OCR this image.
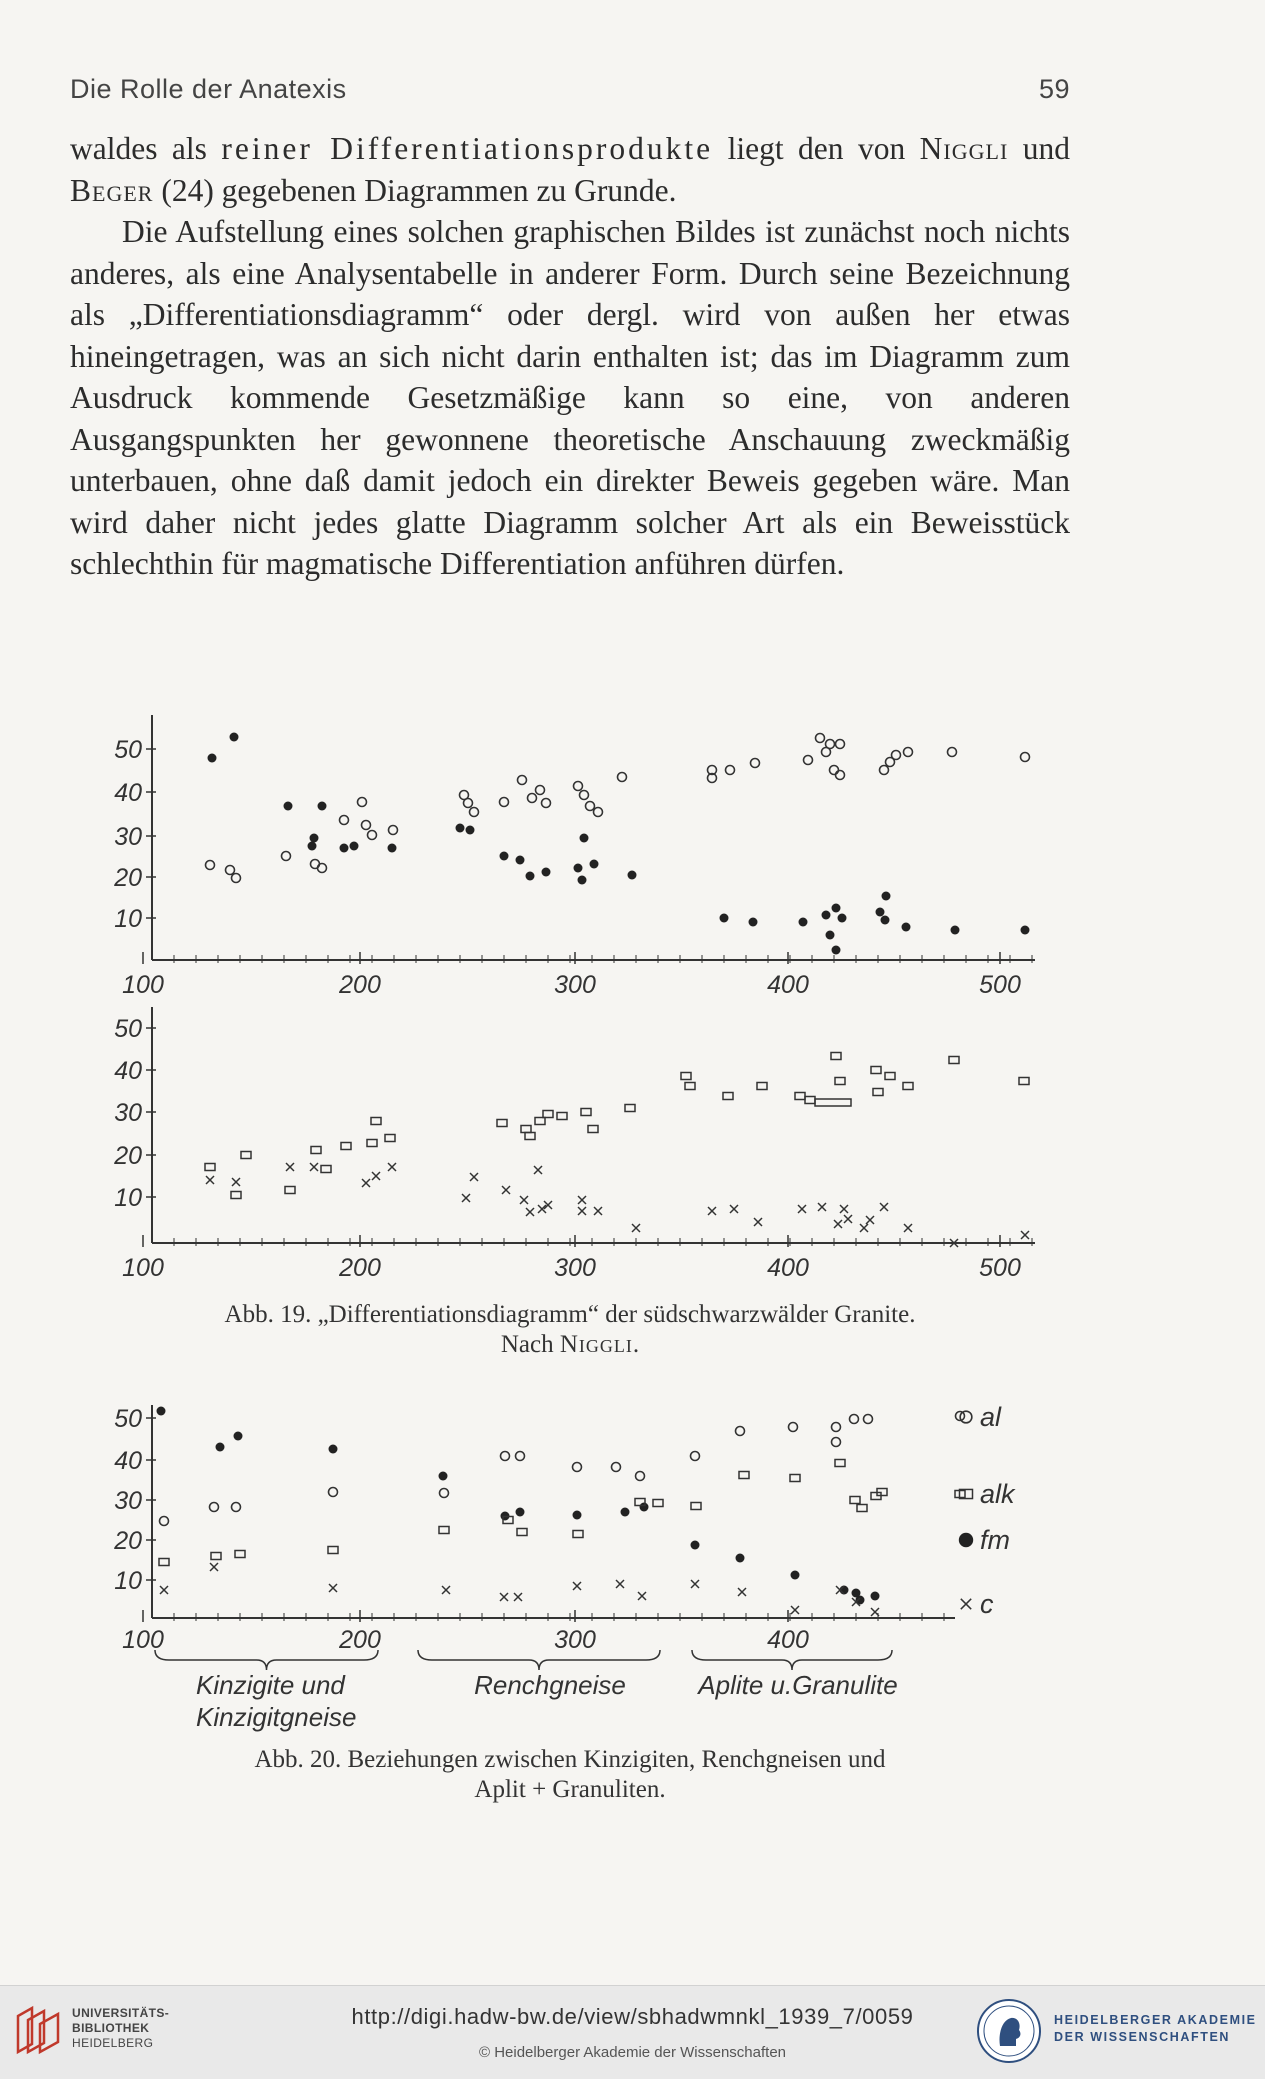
Die Rolle der Anatexis	59

waldes als reiner Differentiationsprodukte liegt den von Niggli und Beger (24) gegebenen Diagrammen zu Grunde.

Die Aufstellung eines solchen graphischen Bildes ist zunächst noch nichts anderes, als eine Analysentabelle in anderer Form. Durch seine Bezeichnung als „Differentiationsdiagramm“ oder dergl. wird von außen her etwas hineingetragen, was an sich nicht darin enthalten ist; das im Diagramm zum Ausdruck kommende Gesetzmäßige kann so eine, von anderen Ausgangspunkten her gewonnene theoretische Anschauung zweckmäßig unterbauen, ohne daß damit jedoch ein direkter Beweis gegeben wäre. Man wird daher nicht jedes glatte Diagramm solcher Art als ein Beweisstück schlechthin für magmatische Differentiation anführen dürfen.

50
40
30
20
10
100	200	300	400	500
50
40
30
20
10
100	200	300	400	500
50
40
30
20
10
100	200	300	400
al
alk
fm
c
Kinzigite und
Kinzigitgneise
Renchgneise	Aplite u.Granulite
Abb. 19. „Differentiationsdiagramm“ der südschwarzwälder Granite.
Nach Niggli.
Abb. 20. Beziehungen zwischen Kinzigiten, Renchgneisen und
Aplit + Granuliten.
UNIVERSITÄTS-
BIBLIOTHEK
HEIDELBERG
http://digi.hadw-bw.de/view/sbhadwmnkl_1939_7/0059
© Heidelberger Akademie der Wissenschaften
HEIDELBERGER AKADEMIE
DER WISSENSCHAFTEN
